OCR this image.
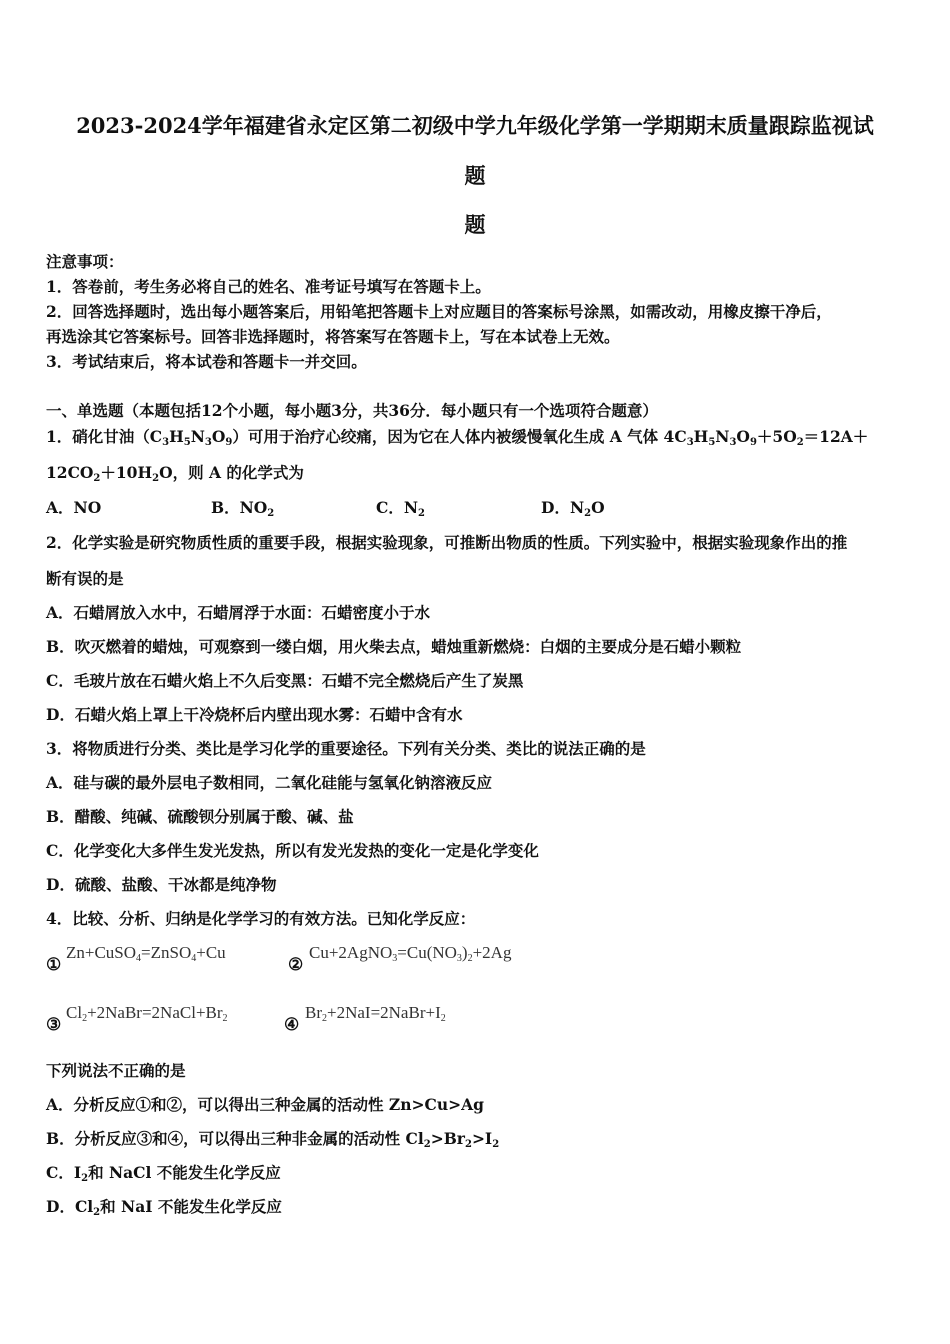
2023-2024学年福建省永定区第二初级中学九年级化学第一学期期末质量跟踪监视试
题
题
注意事项：
1．答卷前，考生务必将自己的姓名、准考证号填写在答题卡上。
2．回答选择题时，选出每小题答案后，用铅笔把答题卡上对应题目的答案标号涂黑，如需改动，用橡皮擦干净后，
再选涂其它答案标号。回答非选择题时，将答案写在答题卡上，写在本试卷上无效。
3．考试结束后，将本试卷和答题卡一并交回。
一、单选题（本题包括12个小题，每小题3分，共36分．每小题只有一个选项符合题意）
1．硝化甘油$(C_3H_5N_3O_9)$可用于治疗心绞痛，因为它在人体内被缓慢氧化生成 A 气体 $4C_3H_5N_3O_9+5O_2=12A+$
$12CO_2+10H_2O$，则 A 的化学式为
A．NO	B．$NO_2$	C．$N_2$	D．$N_2O$
2．化学实验是研究物质性质的重要手段，根据实验现象，可推断出物质的性质。下列实验中，根据实验现象作出的推
断有误的是
A．石蜡屑放入水中，石蜡屑浮于水面：石蜡密度小于水
B．吹灭燃着的蜡烛，可观察到一缕白烟，用火柴去点，蜡烛重新燃烧：白烟的主要成分是石蜡小颗粒
C．毛玻片放在石蜡火焰上不久后变黑：石蜡不完全燃烧后产生了炭黑
D．石蜡火焰上罩上干冷烧杯后内壁出现水雾：石蜡中含有水
3．将物质进行分类、类比是学习化学的重要途径。下列有关分类、类比的说法正确的是
A．硅与碳的最外层电子数相同，二氧化硅能与氢氧化钠溶液反应
B．醋酸、纯碱、硫酸钡分别属于酸、碱、盐
C．化学变化大多伴生发光发热，所以有发光发热的变化一定是化学变化
D．硫酸、盐酸、干冰都是纯净物
4．比较、分析、归纳是化学学习的有效方法。已知化学反应：
①
Zn+CuSO$_4$=ZnSO$_4$+Cu
②
$Cu+2AgNO_3=Cu(NO_3)_2+2Ag$
③
$Cl_2+2NaBr=2NaCl+Br_2$	④
$Br_2+2NaI=2NaBr+I_2$
下列说法不正确的是
A．分析反应①和②，可以得出三种金属的活动性 Zn>Cu>Ag
B．分析反应③和④，可以得出三种非金属的活动性 $Cl_2>Br_2>I_2$
C．$I_2$和 NaCl 不能发生化学反应
D．$Cl_2$和 NaI 不能发生化学反应
